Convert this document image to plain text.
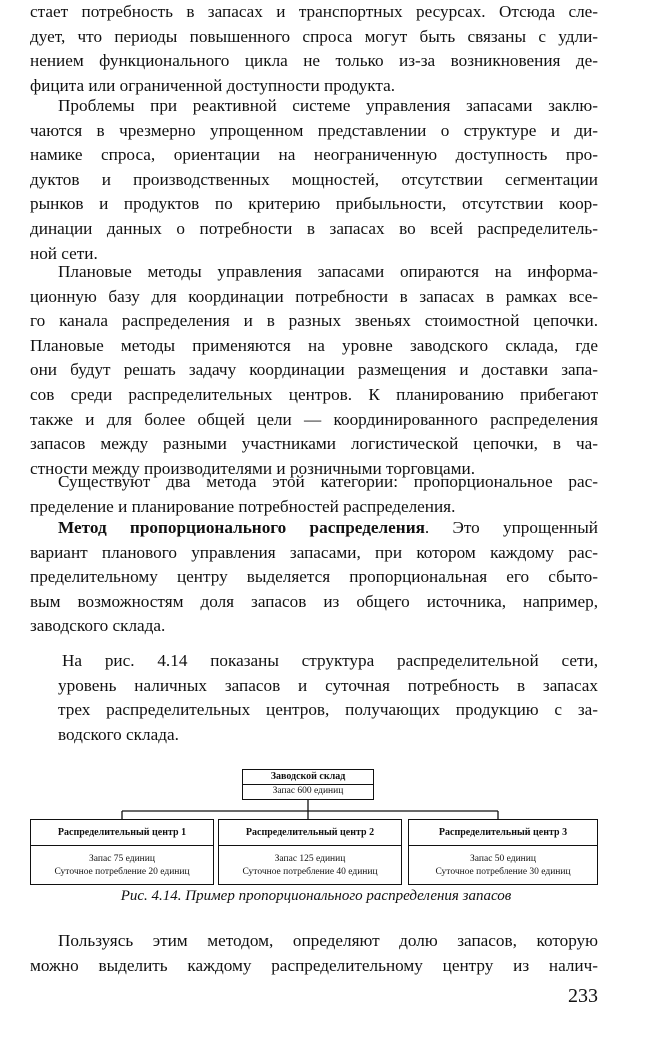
стает потребность в запасах и транспортных ресурсах. Отсюда сле-
дует, что периоды повышенного спроса могут быть связаны с удли-
нением функционального цикла не только из-за возникновения де-
фицита или ограниченной доступности продукта.
Проблемы при реактивной системе управления запасами заклю-
чаются в чрезмерно упрощенном представлении о структуре и ди-
намике спроса, ориентации на неограниченную доступность про-
дуктов и производственных мощностей, отсутствии сегментации
рынков и продуктов по критерию прибыльности, отсутствии коор-
динации данных о потребности в запасах во всей распределитель-
ной сети.
Плановые методы управления запасами опираются на информа-
ционную базу для координации потребности в запасах в рамках все-
го канала распределения и в разных звеньях стоимостной цепочки.
Плановые методы применяются на уровне заводского склада, где
они будут решать задачу координации размещения и доставки запа-
сов среди распределительных центров. К планированию прибегают
также и для более общей цели — координированного распределения
запасов между разными участниками логистической цепочки, в ча-
стности между производителями и розничными торговцами.
Существуют два метода этой категории: пропорциональное рас-
пределение и планирование потребностей распределения.
Метод пропорционального распределения. Это упрощенный
вариант планового управления запасами, при котором каждому рас-
пределительному центру выделяется пропорциональная его сбыто-
вым возможностям доля запасов из общего источника, например,
заводского склада.
На рис. 4.14 показаны структура распределительной сети,
уровень наличных запасов и суточная потребность в запасах
трех распределительных центров, получающих продукцию с за-
водского склада.
Заводской склад
Запас 600 единиц
Распределительный центр 1
Запас 75 единиц
Суточное потребление 20 единиц
Распределительный центр 2
Запас 125 единиц
Суточное потребление 40 единиц
Распределительный центр 3
Запас 50 единиц
Суточное потребление 30 единиц
Рис. 4.14. Пример пропорционального распределения запасов
Пользуясь этим методом, определяют долю запасов, которую
можно выделить каждому распределительному центру из налич-
233
